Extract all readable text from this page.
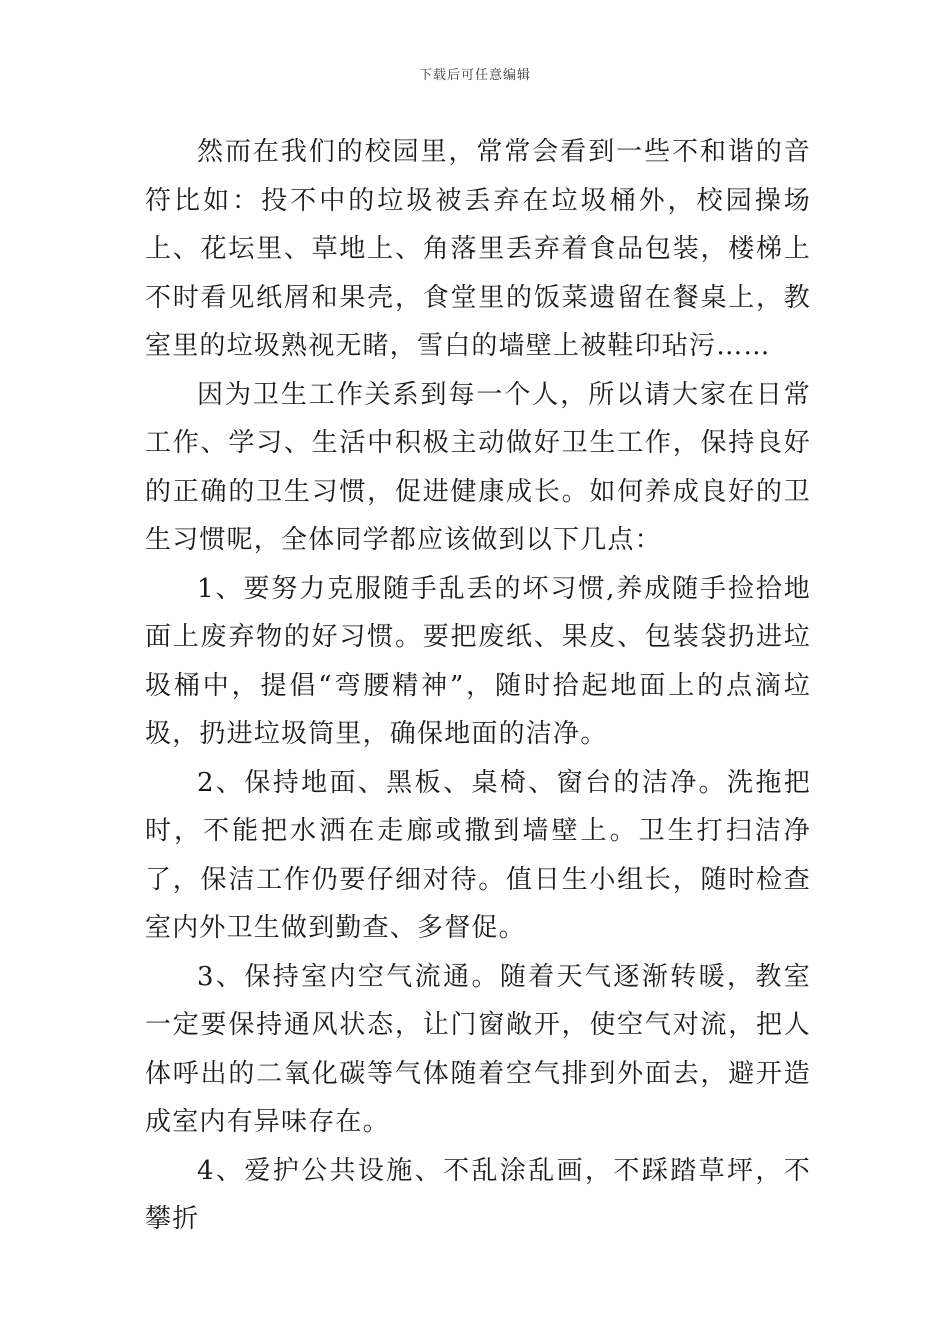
下载后可任意编辑

然而在我们的校园里，常常会看到一些不和谐的音符比如：投不中的垃圾被丢弃在垃圾桶外，校园操场上、花坛里、草地上、角落里丢弃着食品包装，楼梯上不时看见纸屑和果壳，食堂里的饭菜遗留在餐桌上，教室里的垃圾熟视无睹，雪白的墙壁上被鞋印玷污……

因为卫生工作关系到每一个人，所以请大家在日常工作、学习、生活中积极主动做好卫生工作，保持良好的正确的卫生习惯，促进健康成长。如何养成良好的卫生习惯呢，全体同学都应该做到以下几点：

1、要努力克服随手乱丢的坏习惯,养成随手捡拾地面上废弃物的好习惯。要把废纸、果皮、包装袋扔进垃圾桶中，提倡“弯腰精神”，随时拾起地面上的点滴垃圾，扔进垃圾筒里，确保地面的洁净。

2、保持地面、黑板、桌椅、窗台的洁净。洗拖把时，不能把水洒在走廊或撒到墙壁上。卫生打扫洁净了，保洁工作仍要仔细对待。值日生小组长，随时检查室内外卫生做到勤查、多督促。

3、保持室内空气流通。随着天气逐渐转暖，教室一定要保持通风状态，让门窗敞开，使空气对流，把人体呼出的二氧化碳等气体随着空气排到外面去，避开造成室内有异味存在。

4、爱护公共设施、不乱涂乱画，不踩踏草坪，不攀折
